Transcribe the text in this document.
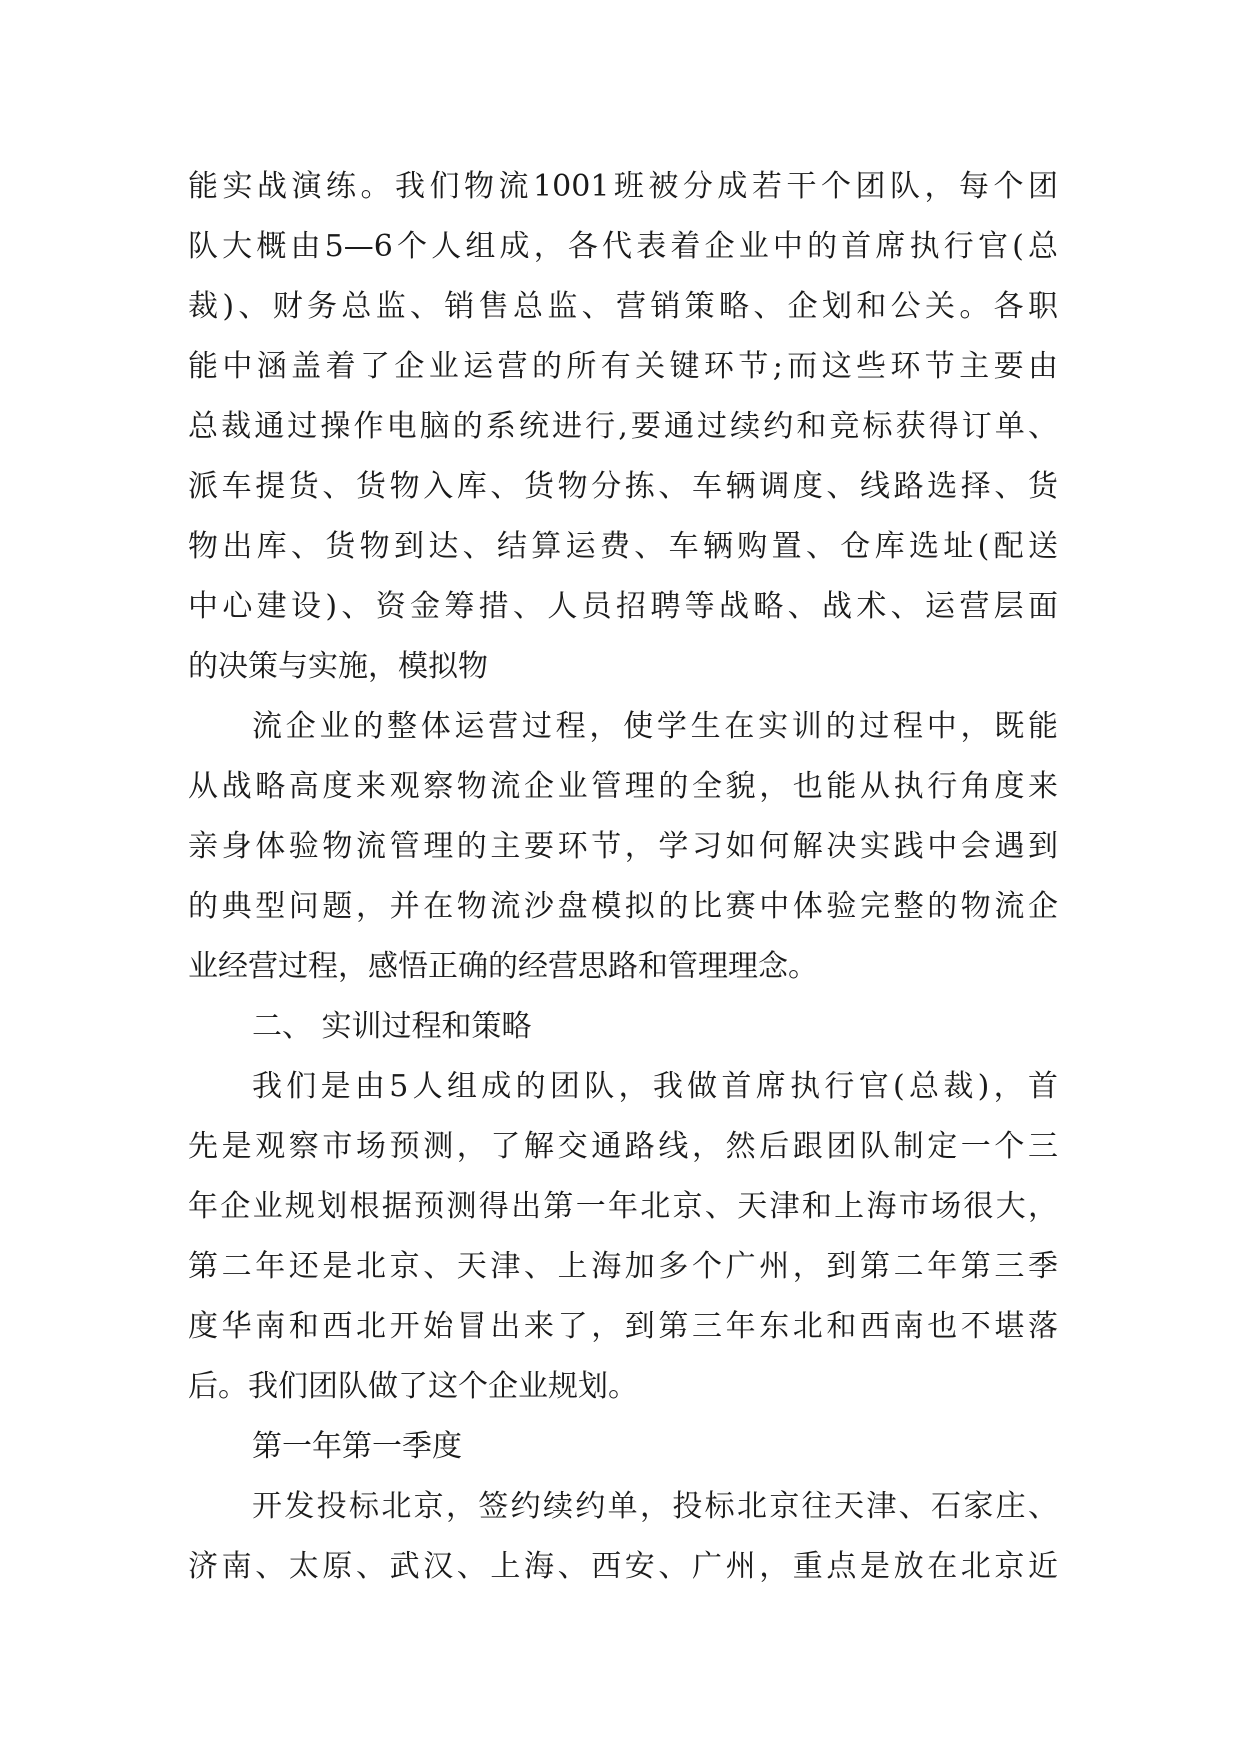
能实战演练。我们物流1001班被分成若干个团队，每个团
队大概由5—6个人组成，各代表着企业中的首席执行官(总
裁)、财务总监、销售总监、营销策略、企划和公关。各职
能中涵盖着了企业运营的所有关键环节;而这些环节主要由
总裁通过操作电脑的系统进行,要通过续约和竞标获得订单、
派车提货、货物入库、货物分拣、车辆调度、线路选择、货
物出库、货物到达、结算运费、车辆购置、仓库选址(配送
中心建设)、资金筹措、人员招聘等战略、战术、运营层面
的决策与实施，模拟物
流企业的整体运营过程，使学生在实训的过程中，既能
从战略高度来观察物流企业管理的全貌，也能从执行角度来
亲身体验物流管理的主要环节，学习如何解决实践中会遇到
的典型问题，并在物流沙盘模拟的比赛中体验完整的物流企
业经营过程，感悟正确的经营思路和管理理念。
二、 实训过程和策略
我们是由5人组成的团队，我做首席执行官(总裁)，首
先是观察市场预测，了解交通路线，然后跟团队制定一个三
年企业规划根据预测得出第一年北京、天津和上海市场很大，
第二年还是北京、天津、上海加多个广州，到第二年第三季
度华南和西北开始冒出来了，到第三年东北和西南也不堪落
后。我们团队做了这个企业规划。
第一年第一季度
开发投标北京，签约续约单，投标北京往天津、石家庄、
济南、太原、武汉、上海、西安、广州，重点是放在北京近
